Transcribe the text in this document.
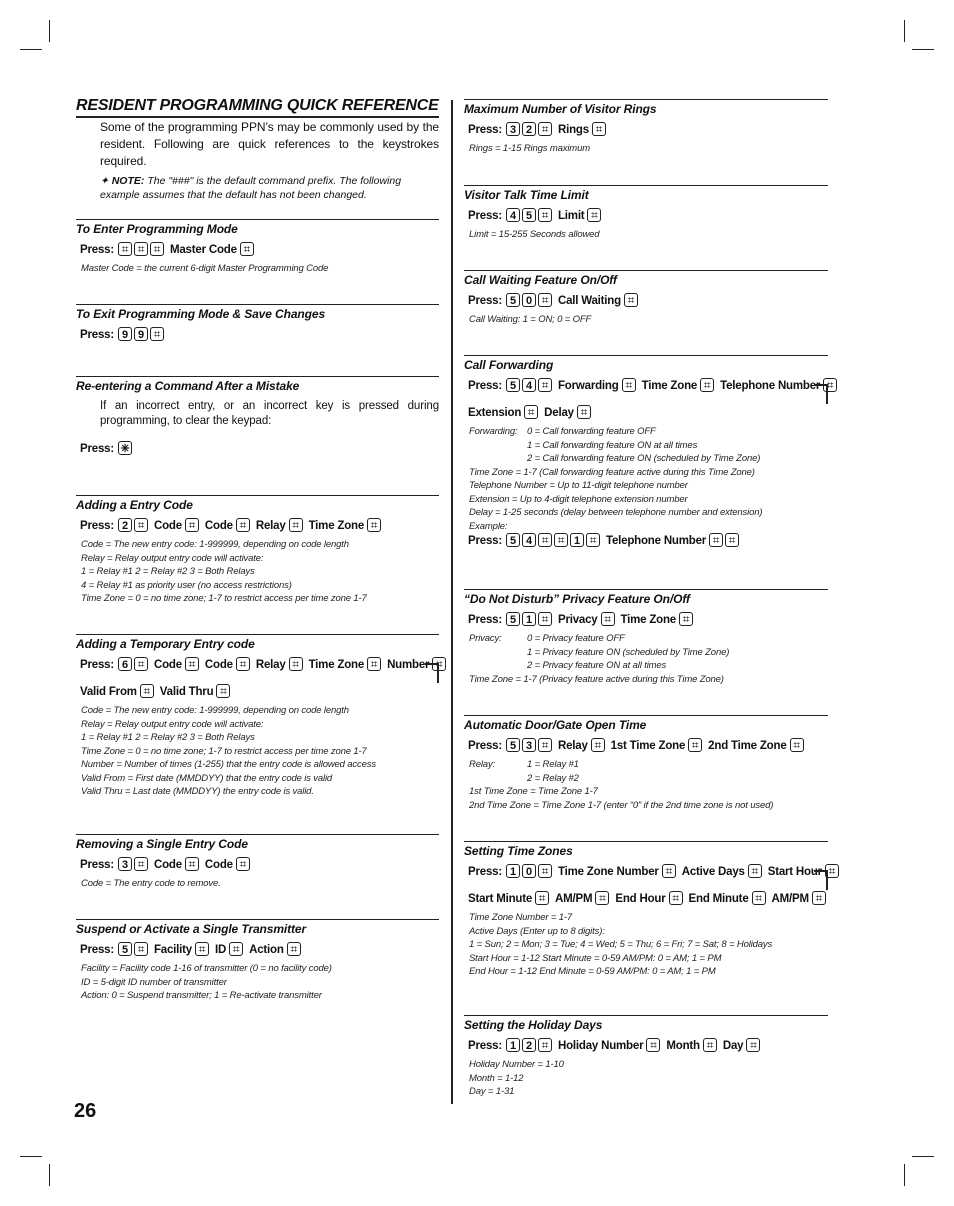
RESIDENT PROGRAMMING QUICK REFERENCE
Some of the programming PPN’s may be commonly used by the resident. Following are quick references to the keystrokes required.
✦ NOTE: The "###" is the default command prefix. The following example assumes that the default has not been changed.
To Enter Programming Mode
Press: ⌗ ⌗ ⌗ Master Code ⌗
Master Code = the current 6-digit Master Programming Code
To Exit Programming Mode & Save Changes
Press: 9 9 ⌗
Re-entering a Command After a Mistake
If an incorrect entry, or an incorrect key is pressed during programming, to clear the keypad:
Press: ✳
Adding a Entry Code
Press: 2 ⌗ Code ⌗ Code ⌗ Relay ⌗ Time Zone ⌗
Code = The new entry code: 1-999999, depending on code length
Relay = Relay output entry code will activate:
1 = Relay #1 2 = Relay #2 3 = Both Relays
4 = Relay #1 as priority user (no access restrictions)
Time Zone = 0 = no time zone; 1-7 to restrict access per time zone 1-7
Adding a Temporary Entry code
Press: 6 ⌗ Code ⌗ Code ⌗ Relay ⌗ Time Zone ⌗ Number ⌗
Valid From ⌗ Valid Thru ⌗
Code = The new entry code: 1-999999, depending on code length
Relay = Relay output entry code will activate:
1 = Relay #1 2 = Relay #2 3 = Both Relays
Time Zone = 0 = no time zone; 1-7 to restrict access per time zone 1-7
Number = Number of times (1-255) that the entry code is allowed access
Valid From = First date (MMDDYY) that the entry code is valid
Valid Thru = Last date (MMDDYY) the entry code is valid.
Removing a Single Entry Code
Press: 3 ⌗ Code ⌗ Code ⌗
Code = The entry code to remove.
Suspend or Activate a Single Transmitter
Press: 5 ⌗ Facility ⌗ ID ⌗ Action ⌗
Facility = Facility code 1-16 of transmitter (0 = no facility code)
ID = 5-digit ID number of transmitter
Action: 0 = Suspend transmitter; 1 = Re-activate transmitter
Maximum Number of Visitor Rings
Press: 3 2 ⌗ Rings ⌗
Rings = 1-15 Rings maximum
Visitor Talk Time Limit
Press: 4 5 ⌗ Limit ⌗
Limit = 15-255 Seconds allowed
Call Waiting Feature On/Off
Press: 5 0 ⌗ Call Waiting ⌗
Call Waiting: 1 = ON; 0 = OFF
Call Forwarding
Press: 5 4 ⌗ Forwarding ⌗ Time Zone ⌗ Telephone Number ⌗
Extension ⌗ Delay ⌗
Forwarding: 0 = Call forwarding feature OFF
1 = Call forwarding feature ON at all times
2 = Call forwarding feature ON (scheduled by Time Zone)
Time Zone = 1-7 (Call forwarding feature active during this Time Zone)
Telephone Number = Up to 11-digit telephone number
Extension = Up to 4-digit telephone extension number
Delay = 1-25 seconds (delay between telephone number and extension)
Example:
Press: 5 4 ⌗ ⌗ 1 ⌗ Telephone Number ⌗ ⌗
“Do Not Disturb” Privacy Feature On/Off
Press: 5 1 ⌗ Privacy ⌗ Time Zone ⌗
Privacy:	0 = Privacy feature OFF
1 = Privacy feature ON (scheduled by Time Zone)
2 = Privacy feature ON at all times
Time Zone = 1-7 (Privacy feature active during this Time Zone)
Automatic Door/Gate Open Time
Press: 5 3 ⌗ Relay ⌗ 1st Time Zone ⌗ 2nd Time Zone ⌗
Relay:	1 = Relay #1
2 = Relay #2
1st Time Zone = Time Zone 1-7
2nd Time Zone = Time Zone 1-7 (enter “0” if the 2nd time zone is not used)
Setting Time Zones
Press: 1 0 ⌗ Time Zone Number ⌗ Active Days ⌗ Start Hour ⌗
Start Minute ⌗ AM/PM ⌗ End Hour ⌗ End Minute ⌗ AM/PM ⌗
Time Zone Number = 1-7
Active Days (Enter up to 8 digits):
1 = Sun; 2 = Mon; 3 = Tue; 4 = Wed; 5 = Thu; 6 = Fri; 7 = Sat; 8 = Holidays
Start Hour = 1-12 Start Minute = 0-59 AM/PM: 0 = AM; 1 = PM
End Hour = 1-12 End Minute = 0-59 AM/PM: 0 = AM; 1 = PM
Setting the Holiday Days
Press: 1 2 ⌗ Holiday Number ⌗ Month ⌗ Day ⌗
Holiday Number = 1-10
Month = 1-12
Day = 1-31
26
